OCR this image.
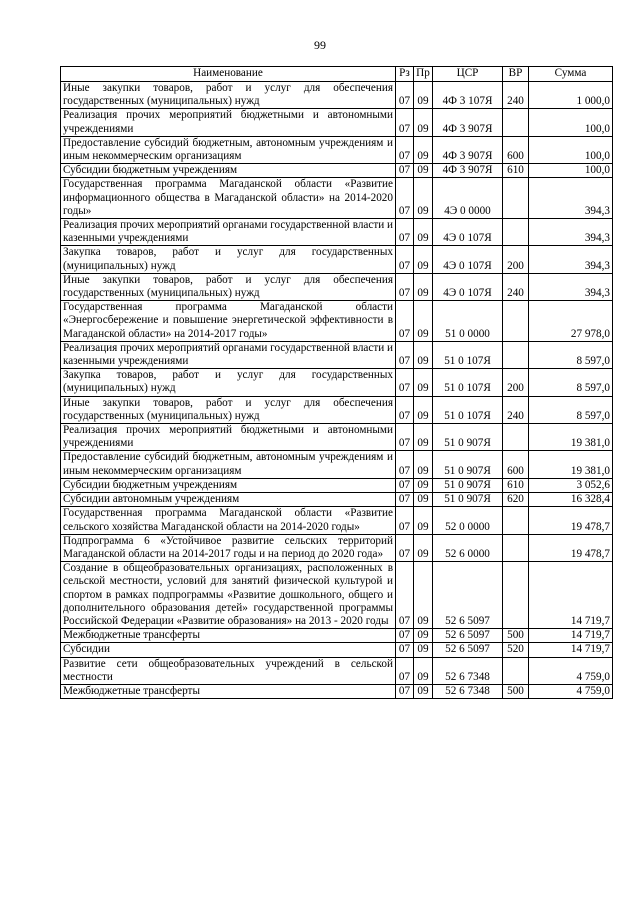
99
Наименование	Рз	Пр	ЦСР	ВР	Сумма
Иные закупки товаров, работ и услуг для обеспечения государственных (муниципальных) нужд	07	09	4Ф 3 107Я	240	1 000,0
Реализация прочих мероприятий бюджетными и автономными учреждениями	07	09	4Ф 3 907Я		100,0
Предоставление субсидий бюджетным, автономным учреждениям и иным некоммерческим организациям	07	09	4Ф 3 907Я	600	100,0
Субсидии бюджетным учреждениям	07	09	4Ф 3 907Я	610	100,0
Государственная программа Магаданской области «Развитие информационного общества в Магаданской области» на 2014-2020 годы»	07	09	4Э 0 0000		394,3
Реализация прочих мероприятий органами государственной власти и казенными учреждениями	07	09	4Э 0 107Я		394,3
Закупка товаров, работ и услуг для государственных (муниципальных) нужд	07	09	4Э 0 107Я	200	394,3
Иные закупки товаров, работ и услуг для обеспечения государственных (муниципальных) нужд	07	09	4Э 0 107Я	240	394,3
Государственная программа Магаданской области «Энергосбережение и повышение энергетической эффективности в Магаданской области» на 2014-2017 годы»	07	09	51 0 0000		27 978,0
Реализация прочих мероприятий органами государственной власти и казенными учреждениями	07	09	51 0 107Я		8 597,0
Закупка товаров, работ и услуг для государственных (муниципальных) нужд	07	09	51 0 107Я	200	8 597,0
Иные закупки товаров, работ и услуг для обеспечения государственных (муниципальных) нужд	07	09	51 0 107Я	240	8 597,0
Реализация прочих мероприятий бюджетными и автономными учреждениями	07	09	51 0 907Я		19 381,0
Предоставление субсидий бюджетным, автономным учреждениям и иным некоммерческим организациям	07	09	51 0 907Я	600	19 381,0
Субсидии бюджетным учреждениям	07	09	51 0 907Я	610	3 052,6
Субсидии автономным учреждениям	07	09	51 0 907Я	620	16 328,4
Государственная программа Магаданской области «Развитие сельского хозяйства Магаданской области на 2014-2020 годы»	07	09	52 0 0000		19 478,7
Подпрограмма 6 «Устойчивое развитие сельских территорий Магаданской области на 2014-2017 годы и на период до 2020 года»	07	09	52 6 0000		19 478,7
Создание в общеобразовательных организациях, расположенных в сельской местности, условий для занятий физической культурой и спортом в рамках подпрограммы «Развитие дошкольного, общего и дополнительного образования детей» государственной программы Российской Федерации «Развитие образования» на 2013 - 2020 годы	07	09	52 6 5097		14 719,7
Межбюджетные трансферты	07	09	52 6 5097	500	14 719,7
Субсидии	07	09	52 6 5097	520	14 719,7
Развитие сети общеобразовательных учреждений в сельской местности	07	09	52 6 7348		4 759,0
Межбюджетные трансферты	07	09	52 6 7348	500	4 759,0
